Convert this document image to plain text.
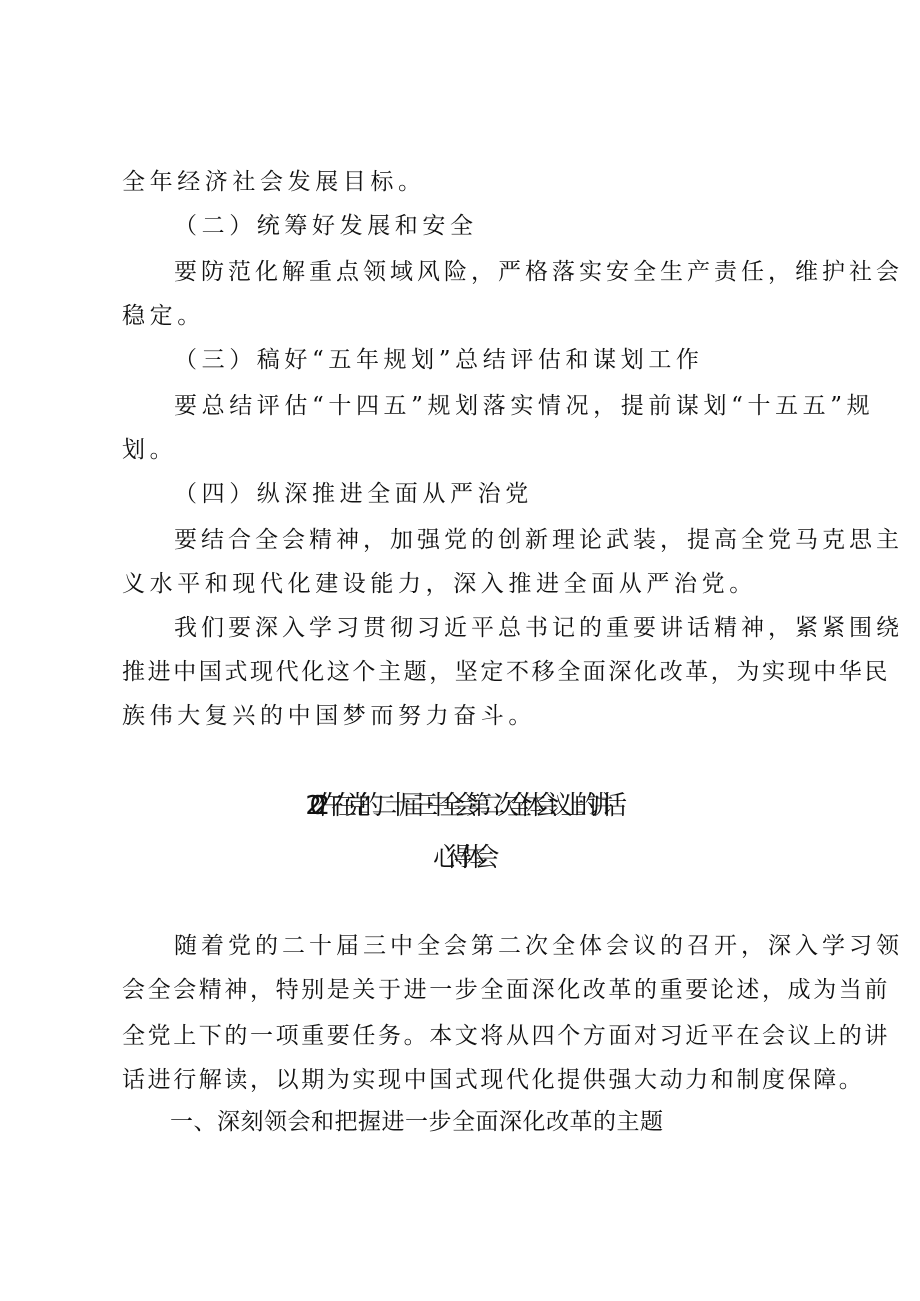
全年经济社会发展目标。

（二）统筹好发展和安全

要防范化解重点领域风险，严格落实安全生产责任，维护社会

稳定。

（三）稿好“五年规划”总结评估和谋划工作

要总结评估“十四五”规划落实情况，提前谋划“十五五”规

划。

（四）纵深推进全面从严治党

要结合全会精神，加强党的创新理论武装，提高全党马克思主

义水平和现代化建设能力，深入推进全面从严治党。

我们要深入学习贯彻习近平总书记的重要讲话精神，紧紧围绕

推进中国式现代化这个主题，坚定不移全面深化改革，为实现中华民

族伟大复兴的中国梦而努力奋斗。

202仵在党的二十届三中全会第二次全体会议上的讲话
心得体会

随着党的二十届三中全会第二次全体会议的召开，深入学习领

会全会精神，特别是关于进一步全面深化改革的重要论述，成为当前

全党上下的一项重要任务。本文将从四个方面对习近平在会议上的讲

话进行解读，以期为实现中国式现代化提供强大动力和制度保障。

一、深刻领会和把握进一步全面深化改革的主题
